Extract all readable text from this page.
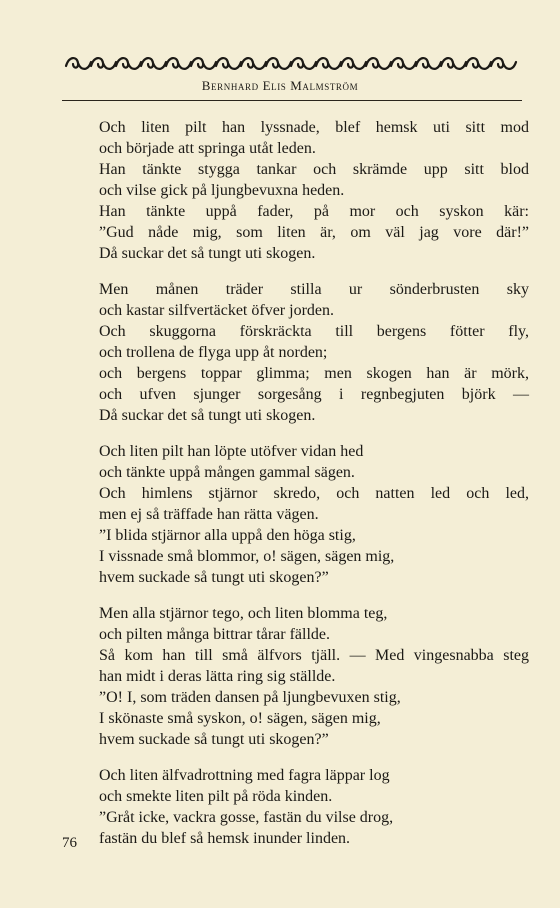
Bernhard Elis Malmström
Och liten pilt han lyssnade, blef hemsk uti sitt mod
och började att springa utåt leden.
Han tänkte stygga tankar och skrämde upp sitt blod
och vilse gick på ljungbevuxna heden.
Han tänkte uppå fader, på mor och syskon kär:
”Gud nåde mig, som liten är, om väl jag vore där!”
Då suckar det så tungt uti skogen.
Men månen träder stilla ur sönderbrusten sky
och kastar silfvertäcket öfver jorden.
Och skuggorna förskräckta till bergens fötter fly,
och trollena de flyga upp åt norden;
och bergens toppar glimma; men skogen han är mörk,
och ufven sjunger sorgesång i regnbegjuten björk —
Då suckar det så tungt uti skogen.
Och liten pilt han löpte utöfver vidan hed
och tänkte uppå mången gammal sägen.
Och himlens stjärnor skredo, och natten led och led,
men ej så träffade han rätta vägen.
”I blida stjärnor alla uppå den höga stig,
I vissnade små blommor, o! sägen, sägen mig,
hvem suckade så tungt uti skogen?”
Men alla stjärnor tego, och liten blomma teg,
och pilten många bittrar tårar fällde.
Så kom han till små älfvors tjäll. — Med vingesnabba steg
han midt i deras lätta ring sig ställde.
”O! I, som träden dansen på ljungbevuxen stig,
I skönaste små syskon, o! sägen, sägen mig,
hvem suckade så tungt uti skogen?”
Och liten älfvadrottning med fagra läppar log
och smekte liten pilt på röda kinden.
”Gråt icke, vackra gosse, fastän du vilse drog,
fastän du blef så hemsk inunder linden.
76
